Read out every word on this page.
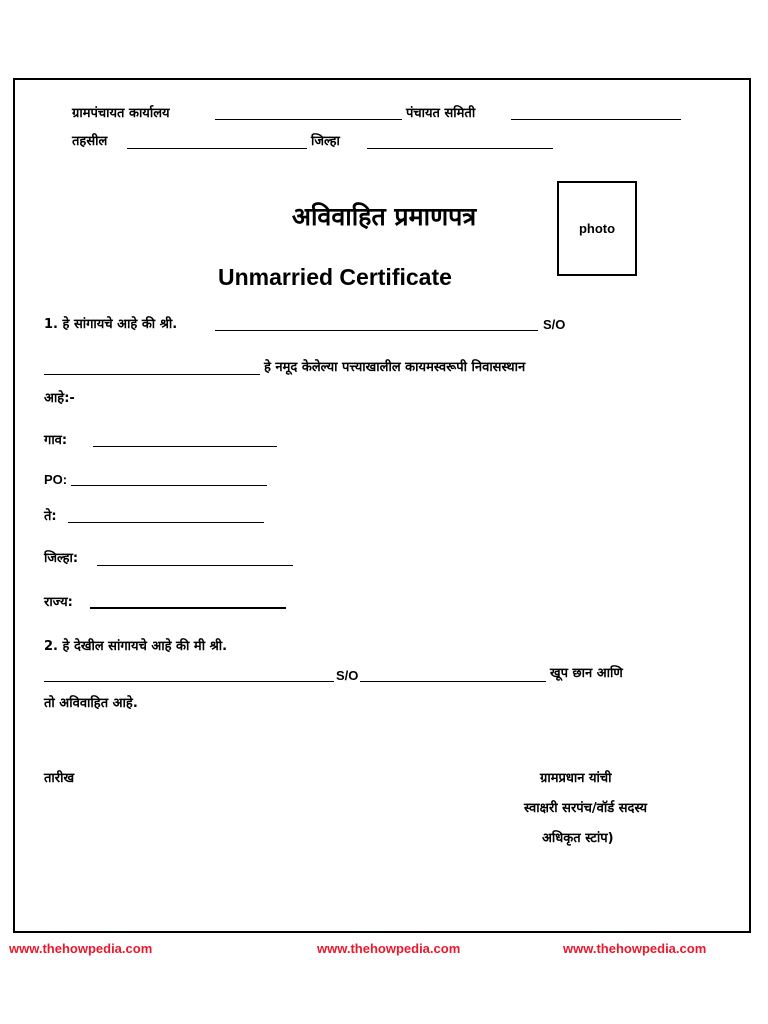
ग्रामपंचायत कार्यालय	पंचायत समिती
तहसील	जिल्हा
अविवाहित प्रमाणपत्र
Unmarried Certificate
photo
1. हे सांगायचे आहे की श्री.	S/O
हे नमूद केलेल्या पत्त्याखालील कायमस्वरूपी निवासस्थान
आहे:-
गाव:
PO:
ते:
जिल्हा:
राज्य:
2. हे देखील सांगायचे आहे की मी श्री.
S/O	खूप छान आणि
तो अविवाहित आहे.
तारीख	ग्रामप्रधान यांची
स्वाक्षरी सरपंच/वॉर्ड सदस्य
अधिकृत स्टांप)
www.thehowpedia.com	www.thehowpedia.com	www.thehowpedia.com
